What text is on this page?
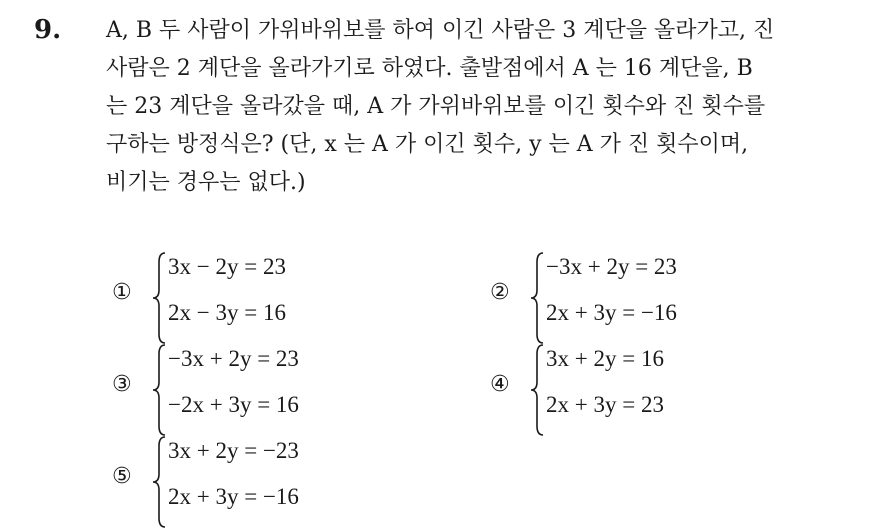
9. A, B 두 사람이 가위바위보를 하여 이긴 사람은 3 계단을 올라가고, 진
사람은 2 계단을 올라가기로 하였다. 출발점에서 A 는 16 계단을, B
는 23 계단을 올라갔을 때, A 가 가위바위보를 이긴 횟수와 진 횟수를
구하는 방정식은? (단, x 는 A 가 이긴 횟수, y 는 A 가 진 횟수이며,
비기는 경우는 없다.)
①
3x − 2y = 23
2x − 3y = 16
②
−3x + 2y = 23
2x + 3y = −16
③
−3x + 2y = 23
−2x + 3y = 16
④
3x + 2y = 16
2x + 3y = 23
⑤
3x + 2y = −23
2x + 3y = −16
